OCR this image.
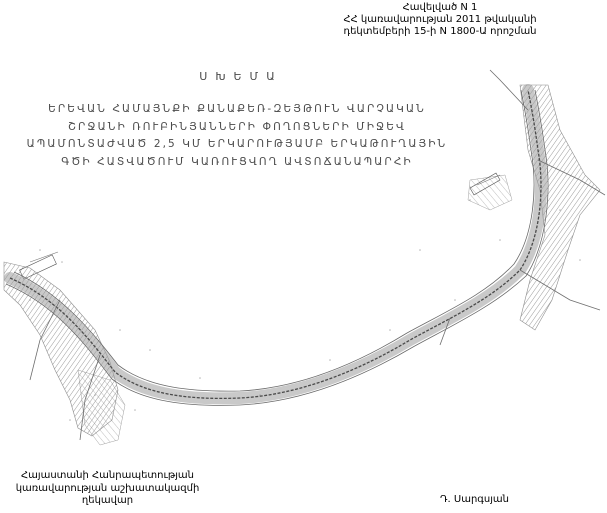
Հավելված N 1
ՀՀ կառավարության 2011 թվականի
դեկտեմբերի 15-ի N 1800-Ա որոշման
ՍԽԵՄԱ
ԵՐԵՎԱՆ ՀԱՄԱՅՆՔԻ ՔԱՆԱՔԵՌ-ԶԵՅԹՈՒՆ ՎԱՐՉԱԿԱՆ
ՇՐՋԱՆԻ ՌՈՒԲԻՆՅԱՆՆԵՐԻ ՓՈՂՈՑՆԵՐԻ ՄԻՋԵՎ
ԱՊԱՄՈՆՏԱԺՎԱԾ 2,5 ԿՄ ԵՐԿԱՐՈՒԹՅԱՄԲ ԵՐԿԱԹՈՒՂԱՅԻՆ
ԳԾԻ ՀԱՏՎԱԾՈՒՄ ԿԱՌՈՒՑՎՈՂ ԱՎՏՈՃԱՆԱՊԱՐՀԻ
Հայաստանի Հանրապետության
կառավարության աշխատակազմի
ղեկավար	Դ. Սարգսյան
